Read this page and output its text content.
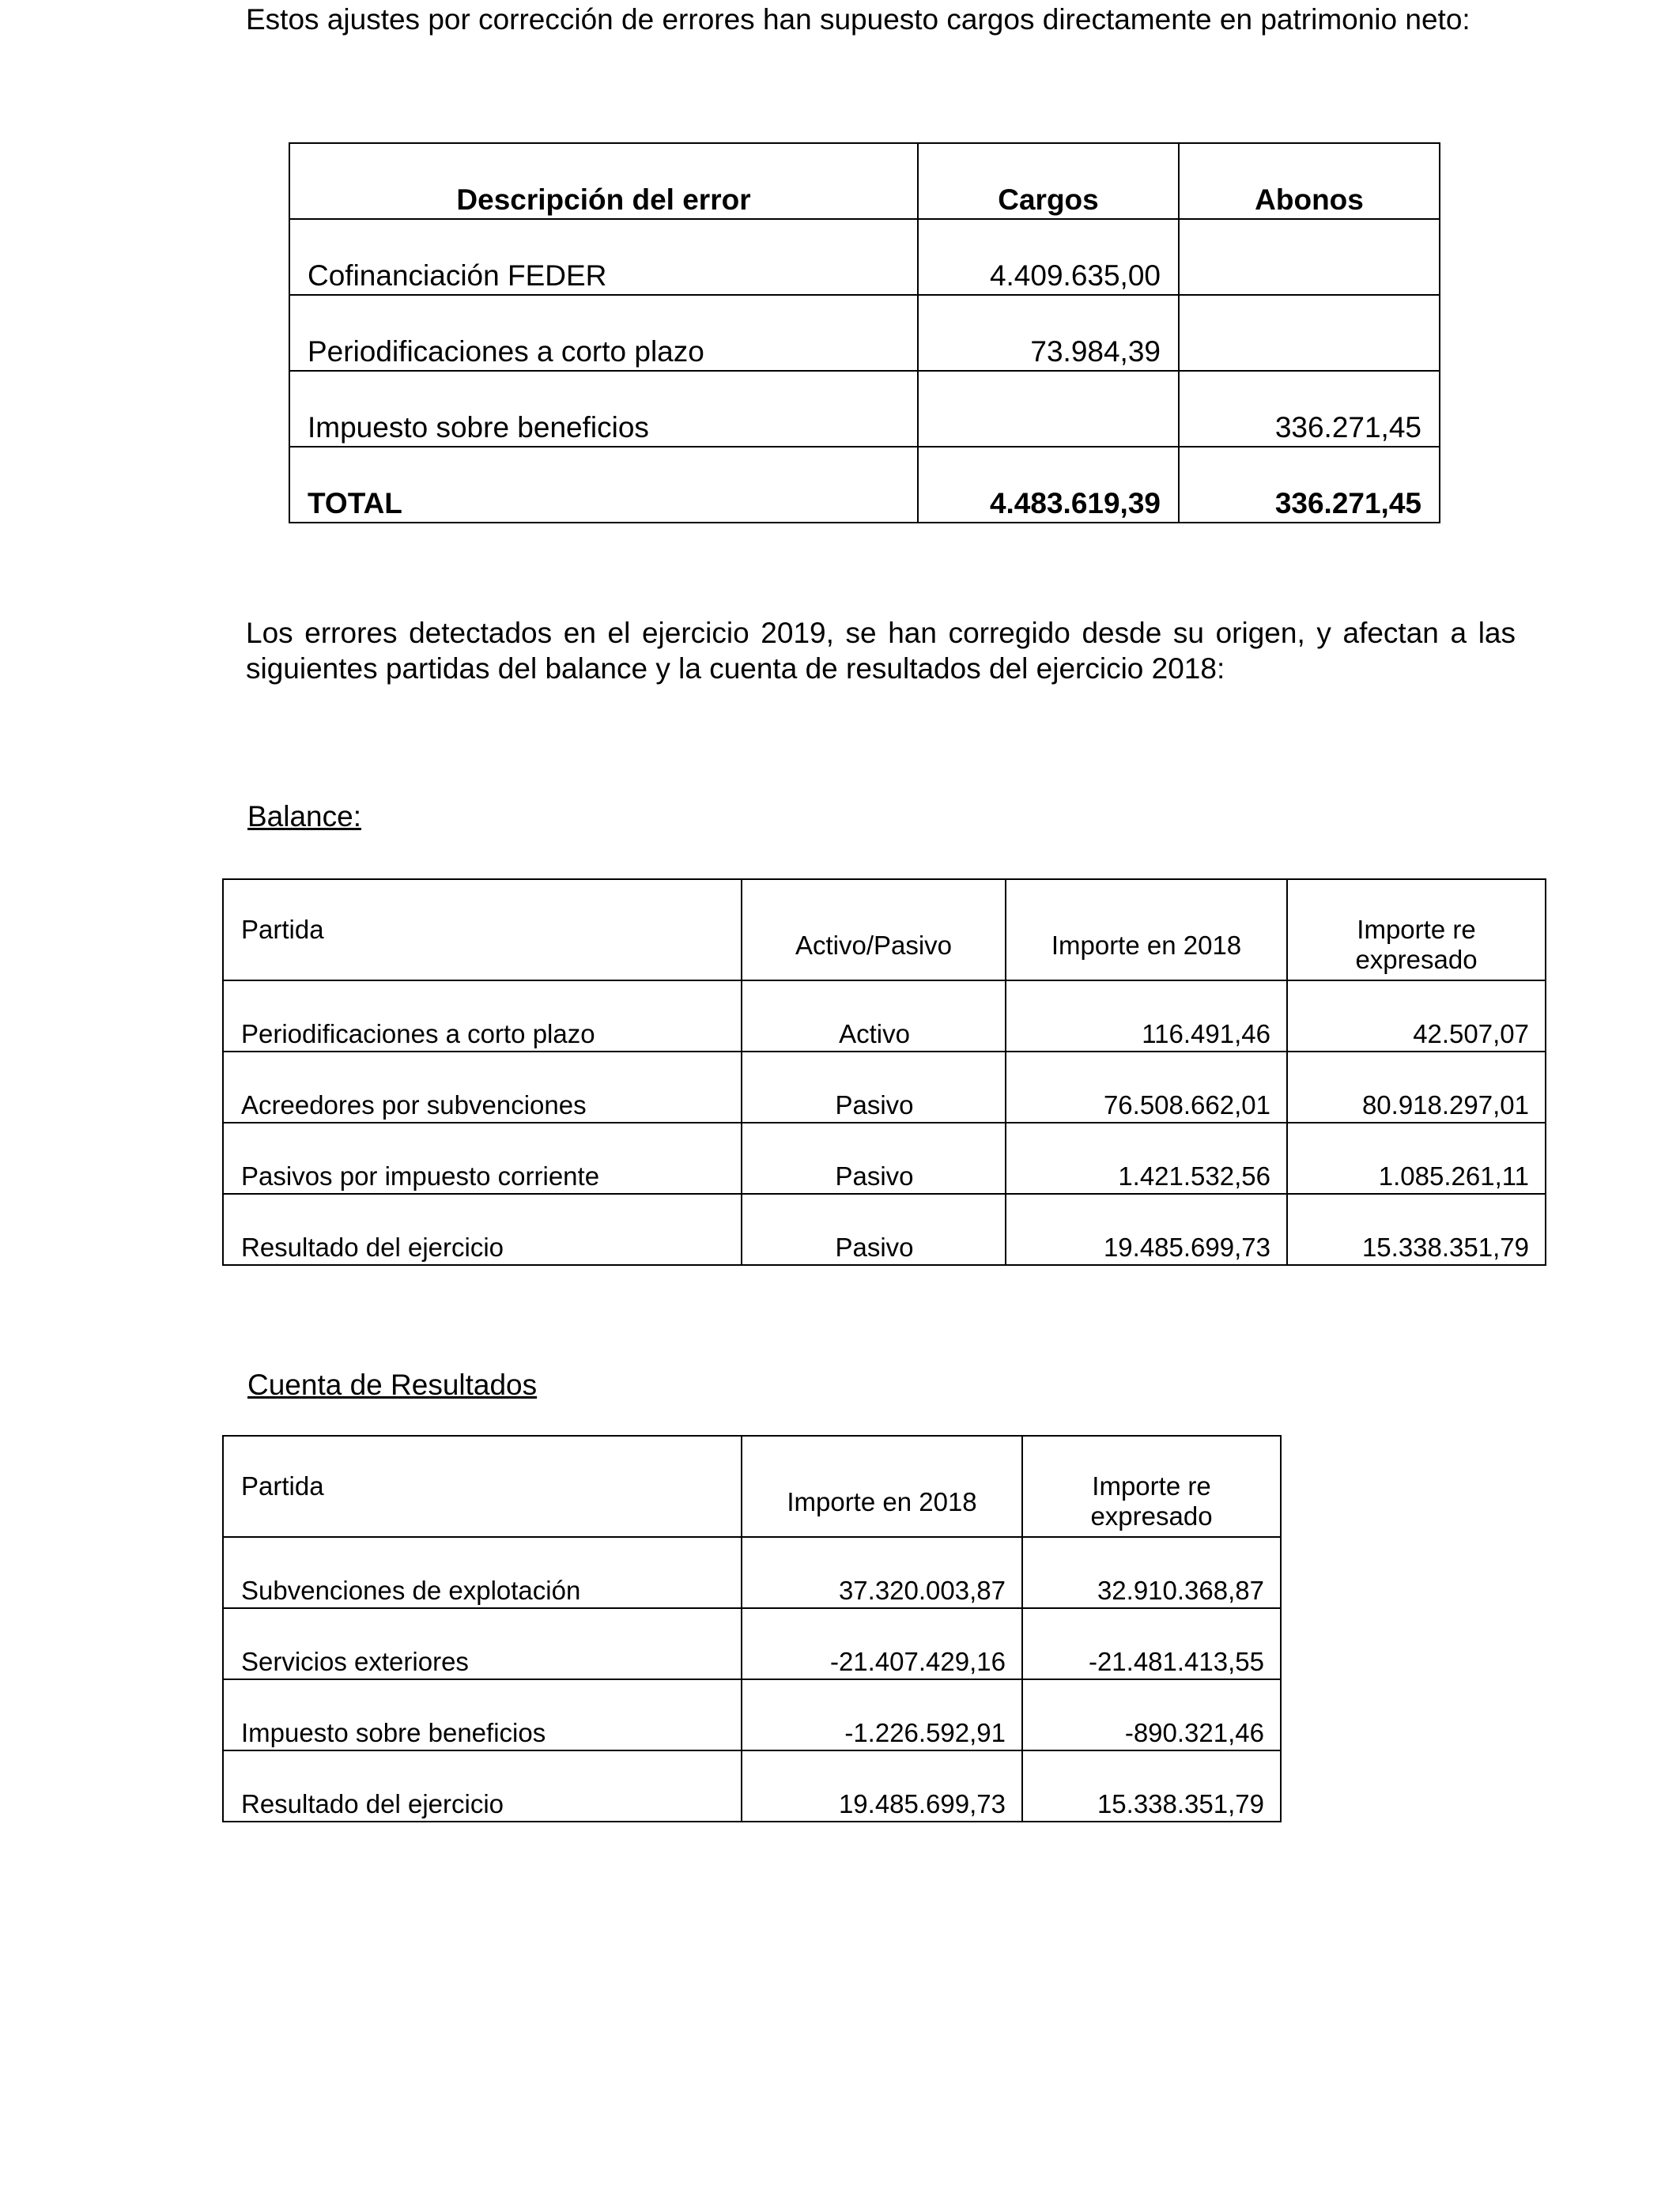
Estos ajustes por corrección de errores han supuesto cargos directamente en patrimonio neto:

Descripción del error	Cargos	Abonos
Cofinanciación FEDER	4.409.635,00	
Periodificaciones a corto plazo	73.984,39	
Impuesto sobre beneficios		336.271,45
TOTAL	4.483.619,39	336.271,45

Los errores detectados en el ejercicio 2019, se han corregido desde su origen, y afectan a las siguientes partidas del balance y la cuenta de resultados del ejercicio 2018:

Balance:

Partida	Activo/Pasivo	Importe en 2018	Importe re
expresado

Periodificaciones a corto plazo	Activo	116.491,46	42.507,07
Acreedores por subvenciones	Pasivo	76.508.662,01	80.918.297,01
Pasivos por impuesto corriente	Pasivo	1.421.532,56	1.085.261,11
Resultado del ejercicio	Pasivo	19.485.699,73	15.338.351,79

Cuenta de Resultados

Partida	Importe en 2018	Importe re
expresado

Subvenciones de explotación	37.320.003,87	32.910.368,87
Servicios exteriores	-21.407.429,16	-21.481.413,55
Impuesto sobre beneficios	-1.226.592,91	-890.321,46
Resultado del ejercicio	19.485.699,73	15.338.351,79
